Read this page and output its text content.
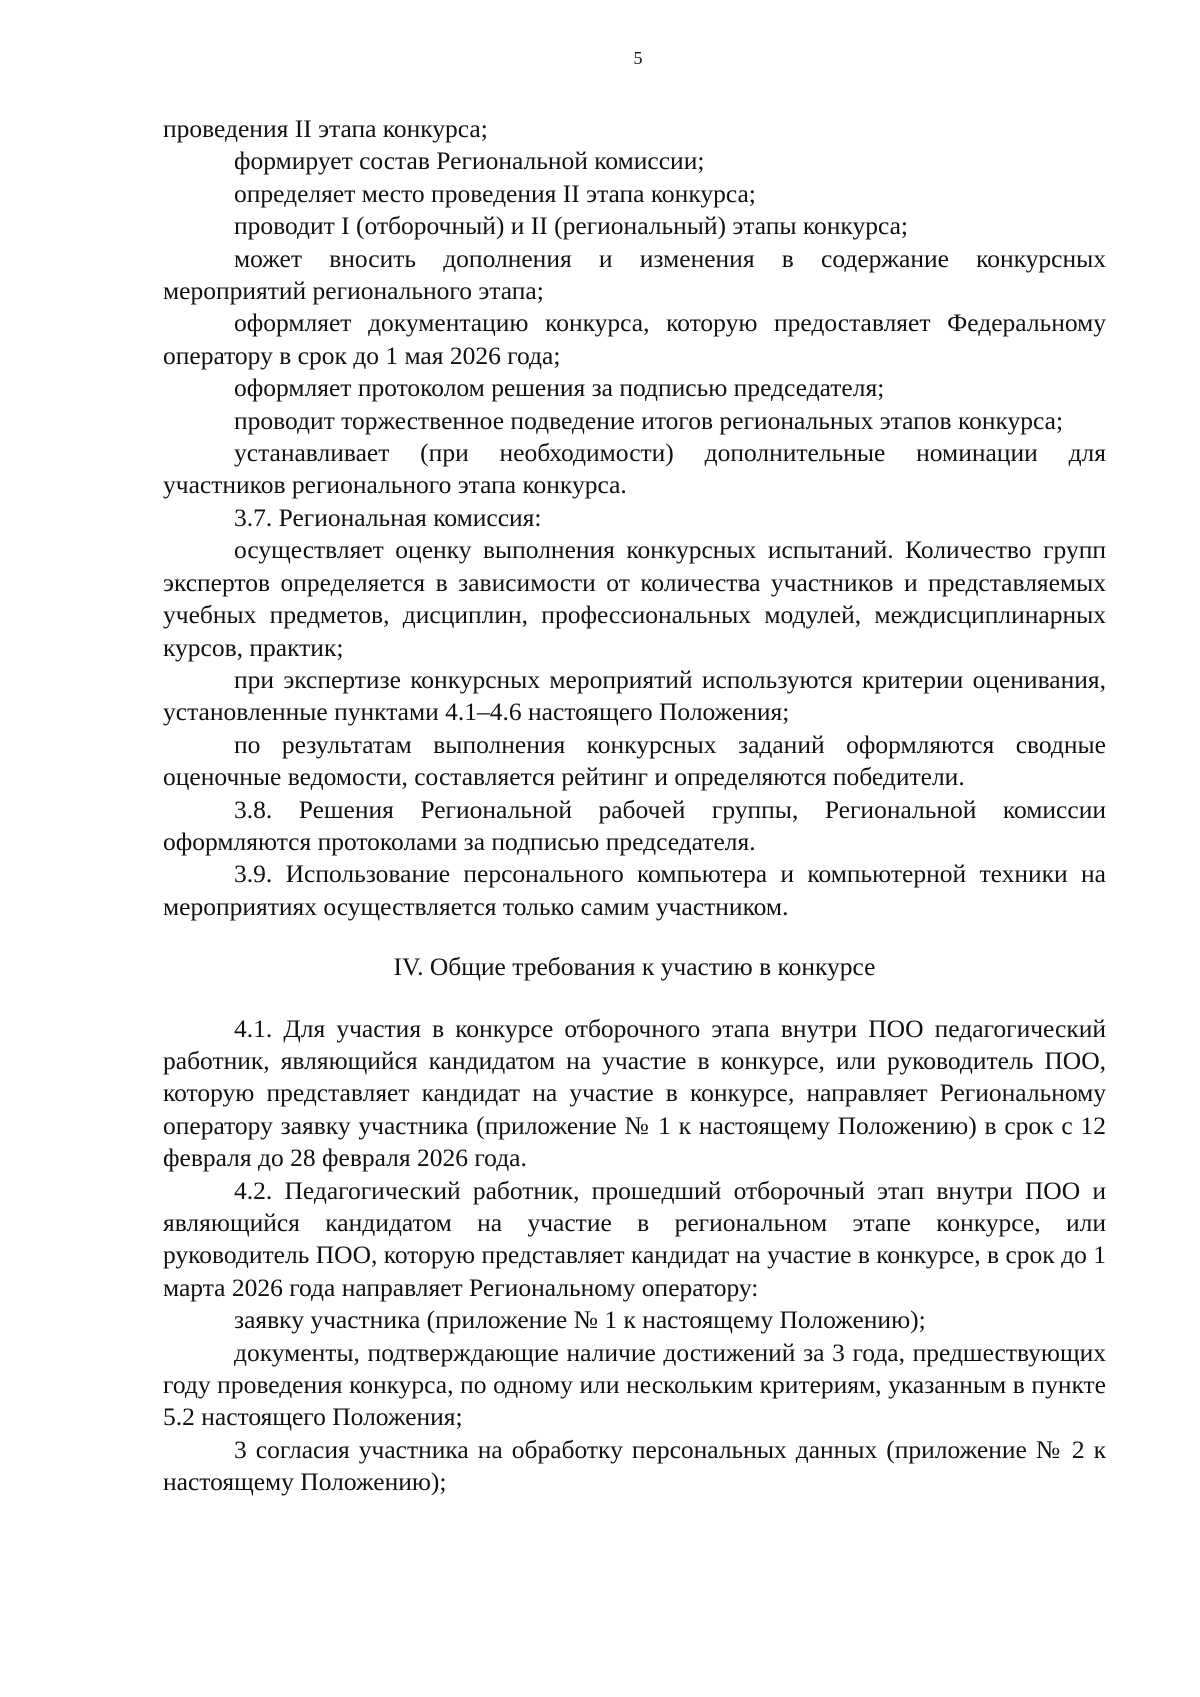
5

проведения II этапа конкурса;

формирует состав Региональной комиссии;

определяет место проведения II этапа конкурса;

проводит I (отборочный) и II (региональный) этапы конкурса;

может вносить дополнения и изменения в содержание конкурсных мероприятий регионального этапа;

оформляет документацию конкурса, которую предоставляет Федеральному оператору в срок до 1 мая 2026 года;

оформляет протоколом решения за подписью председателя;

проводит торжественное подведение итогов региональных этапов конкурса;

устанавливает (при необходимости) дополнительные номинации для участников регионального этапа конкурса.

3.7. Региональная комиссия:

осуществляет оценку выполнения конкурсных испытаний. Количество групп экспертов определяется в зависимости от количества участников и представляемых учебных предметов, дисциплин, профессиональных модулей, междисциплинарных курсов, практик;

при экспертизе конкурсных мероприятий используются критерии оценивания, установленные пунктами 4.1–4.6 настоящего Положения;

по результатам выполнения конкурсных заданий оформляются сводные оценочные ведомости, составляется рейтинг и определяются победители.

3.8. Решения Региональной рабочей группы, Региональной комиссии оформляются протоколами за подписью председателя.

3.9. Использование персонального компьютера и компьютерной техники на мероприятиях осуществляется только самим участником.

IV. Общие требования к участию в конкурсе

4.1. Для участия в конкурсе отборочного этапа внутри ПОО педагогический работник, являющийся кандидатом на участие в конкурсе, или руководитель ПОО, которую представляет кандидат на участие в конкурсе, направляет Региональному оператору заявку участника (приложение № 1 к настоящему Положению) в срок с 12 февраля до 28 февраля 2026 года.

4.2. Педагогический работник, прошедший отборочный этап внутри ПОО и являющийся кандидатом на участие в региональном этапе конкурсе, или руководитель ПОО, которую представляет кандидат на участие в конкурсе, в срок до 1 марта 2026 года направляет Региональному оператору:

заявку участника (приложение № 1 к настоящему Положению);

документы, подтверждающие наличие достижений за 3 года, предшествующих году проведения конкурса, по одному или нескольким критериям, указанным в пункте 5.2 настоящего Положения;

3 согласия участника на обработку персональных данных (приложение № 2 к настоящему Положению);
